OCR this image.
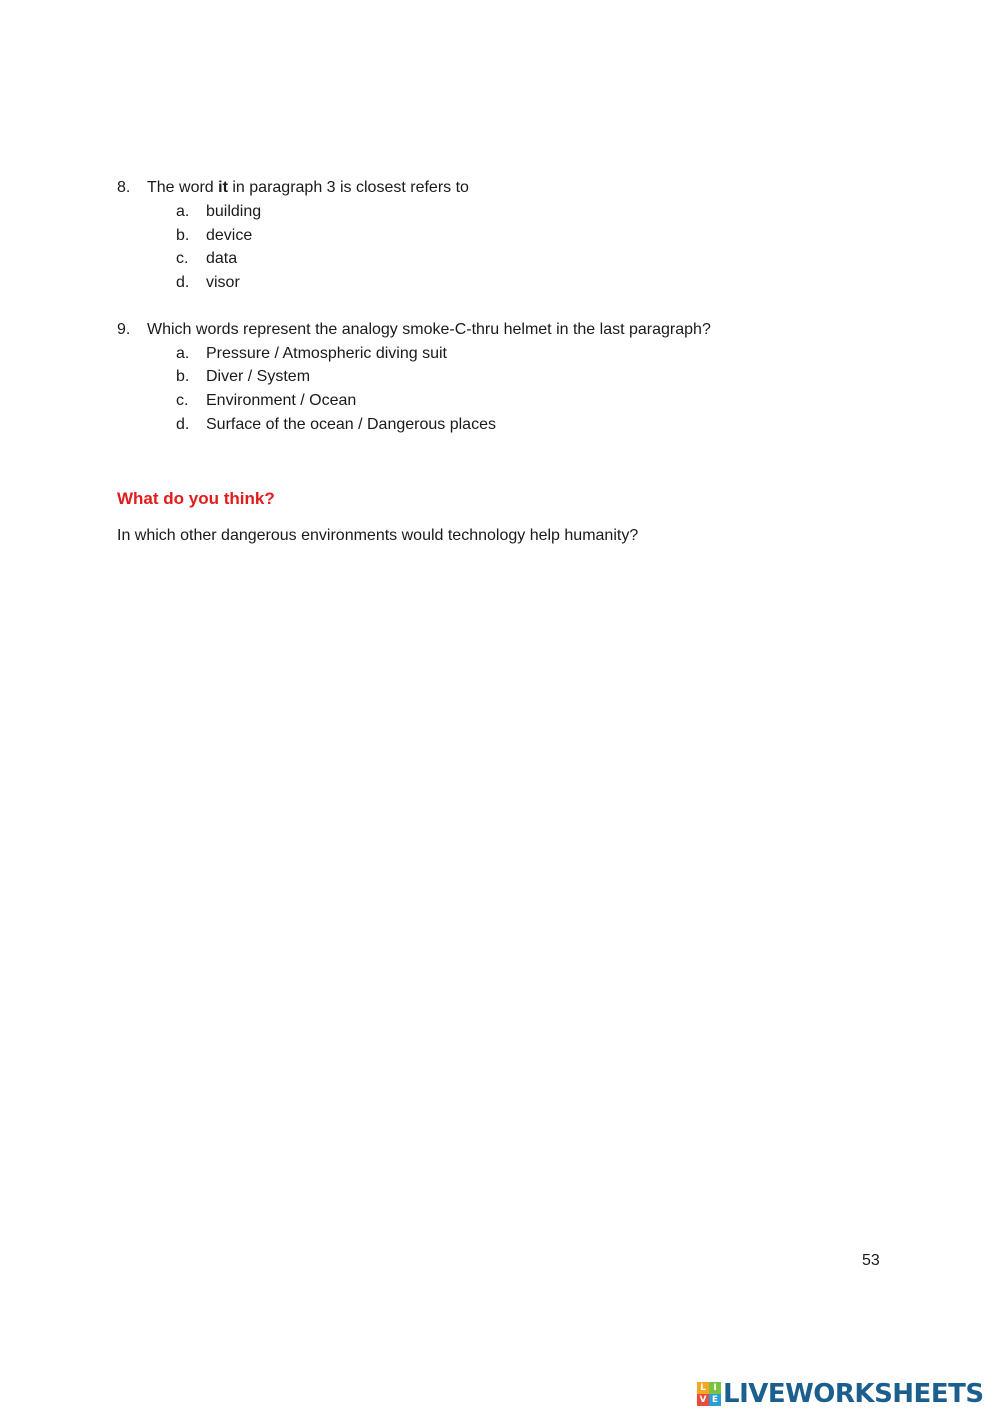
8. The word it in paragraph 3 is closest refers to
a. building
b. device
c. data
d. visor
9. Which words represent the analogy smoke-C-thru helmet in the last paragraph?
a. Pressure / Atmospheric diving suit
b. Diver / System
c. Environment / Ocean
d. Surface of the ocean / Dangerous places
What do you think?
In which other dangerous environments would technology help humanity?
53
L I
V E LIVEWORKSHEETS
